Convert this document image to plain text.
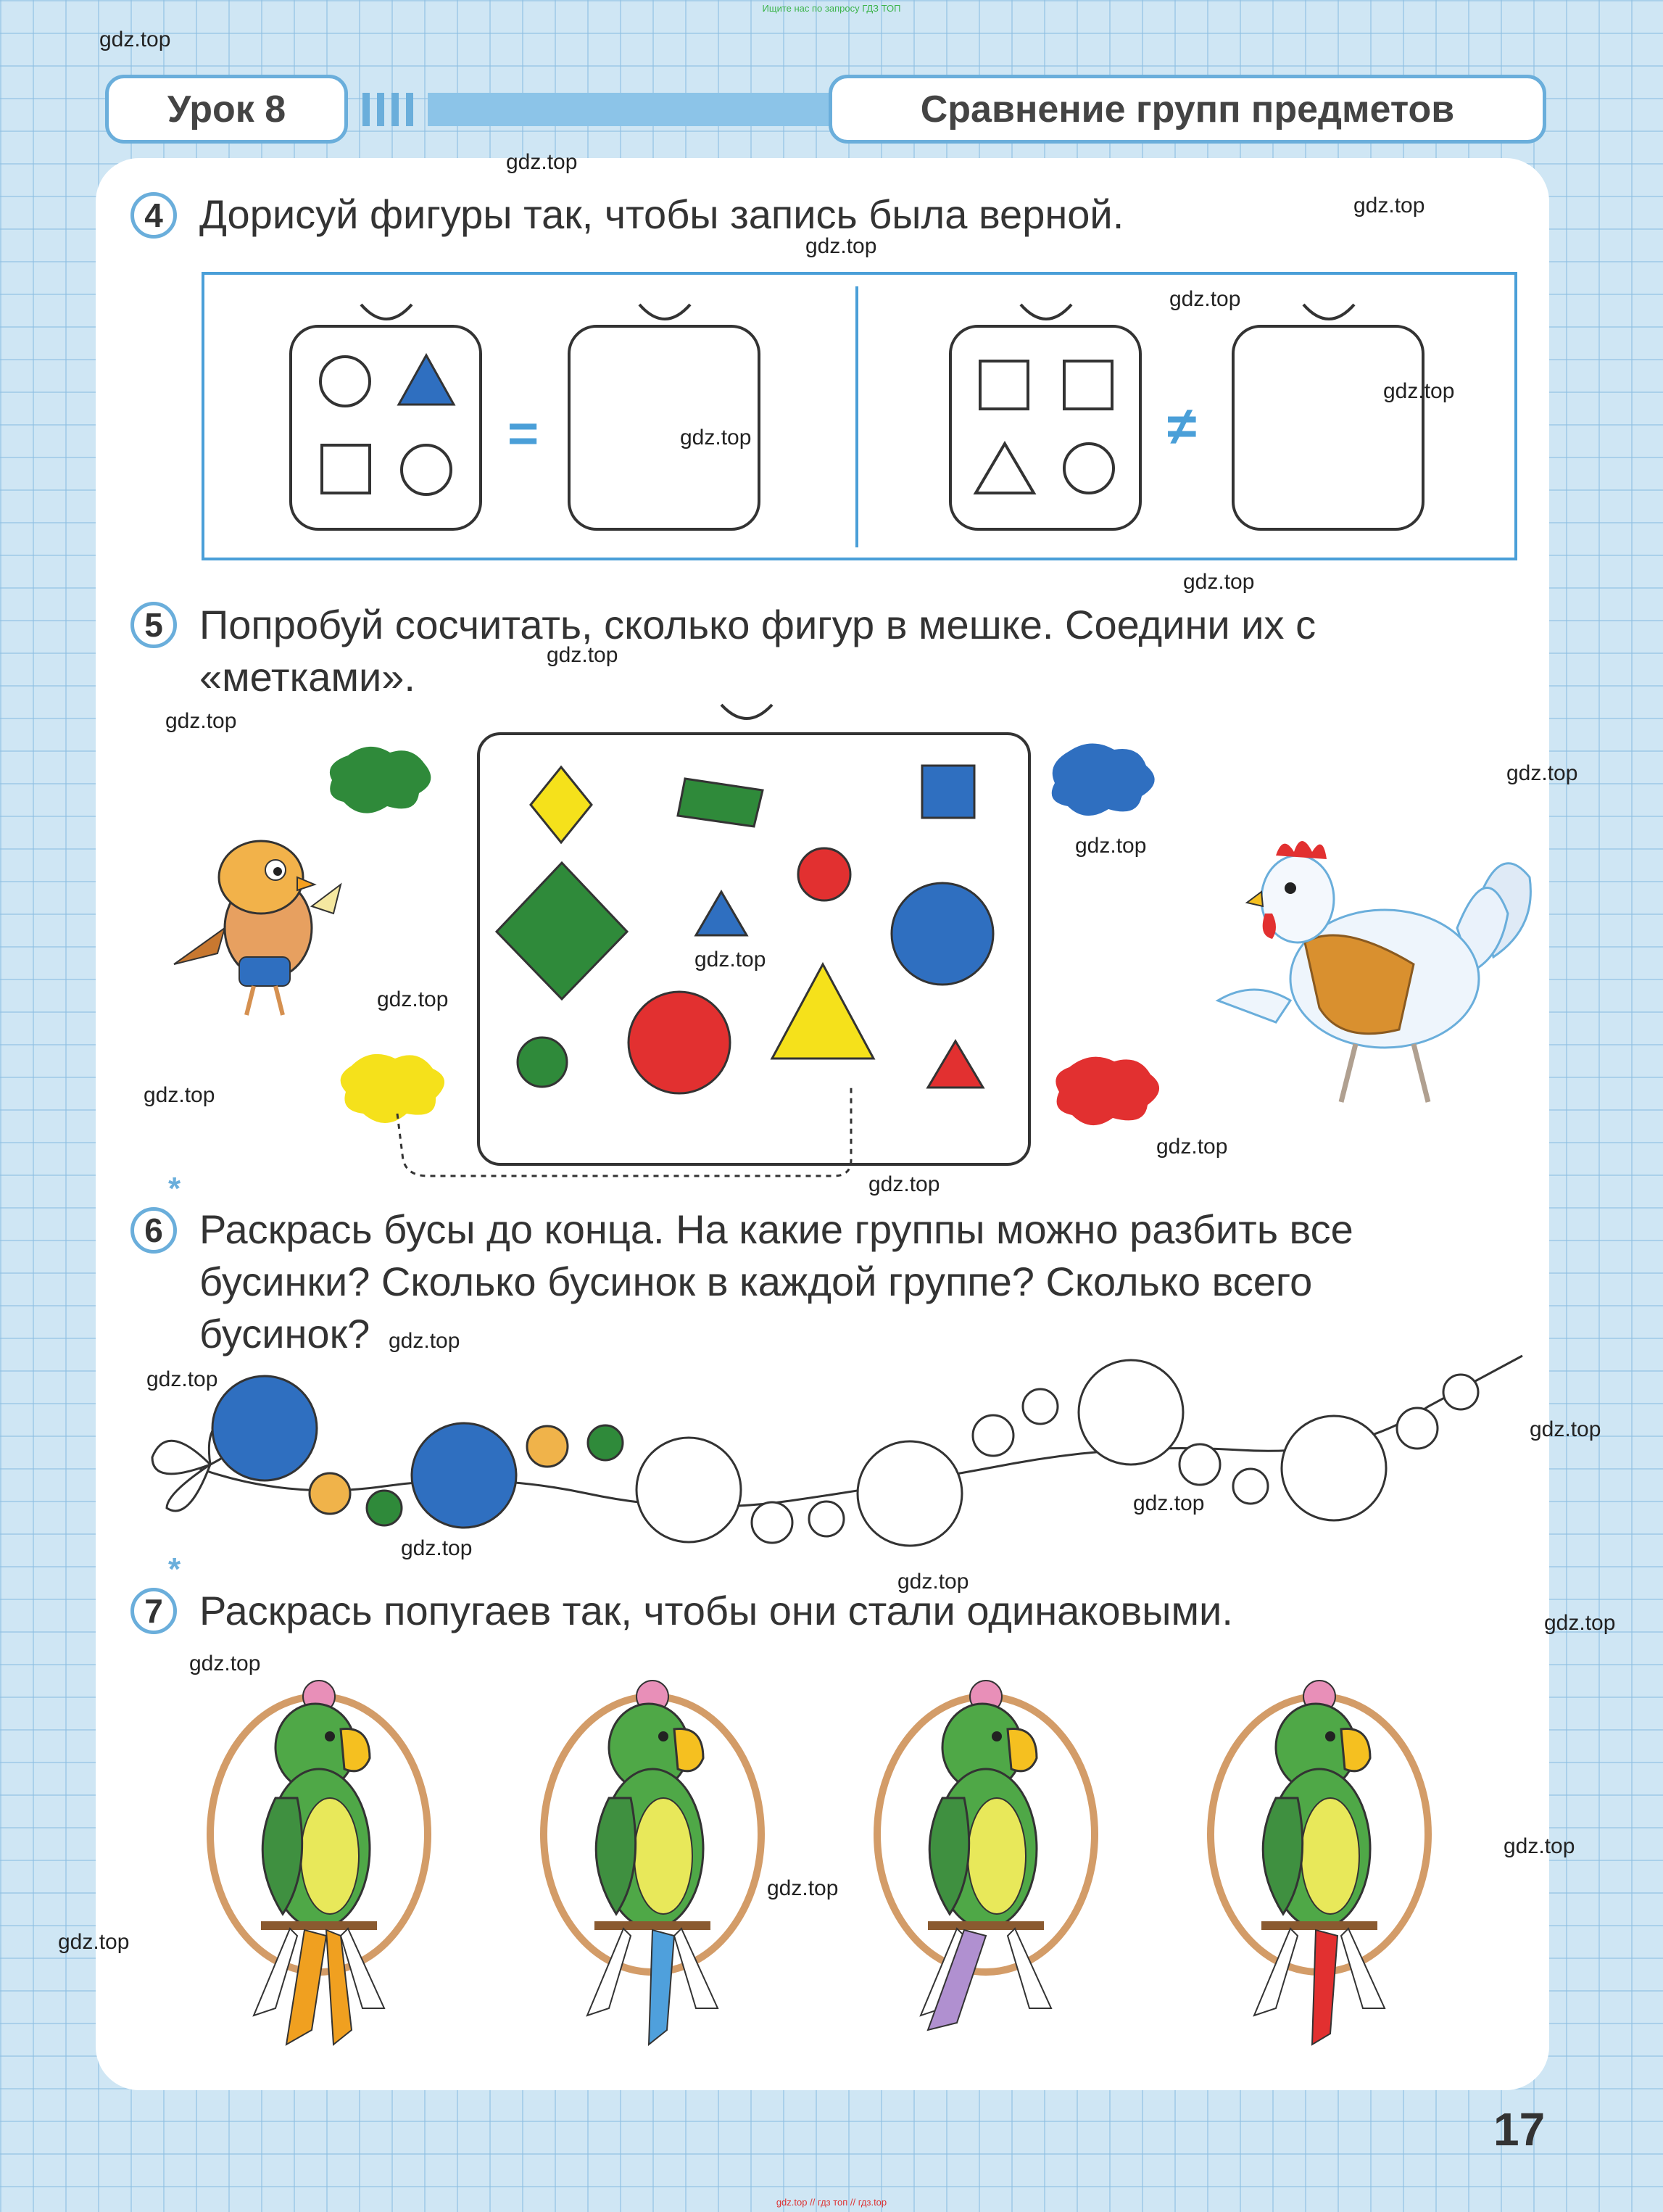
Ищите нас по запросу ГДЗ ТОП
Урок 8	Сравнение групп предметов
4 Дорисуй фигуры так, чтобы запись была верной.
=	≠
5 Попробуй сосчитать, сколько фигур в мешке. Соедини их с
«метками».
*
6 Раскрась бусы до конца. На какие группы можно разбить все
бусинки? Сколько бусинок в каждой группе? Сколько всего
бусинок?
*
7 Раскрась попугаев так, чтобы они стали одинаковыми.
17
gdz.top
gdz.top
gdz.top
gdz.top
gdz.top
gdz.top
gdz.top
gdz.top
gdz.top
gdz.top
gdz.top
gdz.top
gdz.top
gdz.top
gdz.top
gdz.top
gdz.top
gdz.top
gdz.top
gdz.top
gdz.top
gdz.top
gdz.top
gdz.top
gdz.top
gdz.top
gdz.top
gdz.top
gdz.top // гдз топ // гдз.top
